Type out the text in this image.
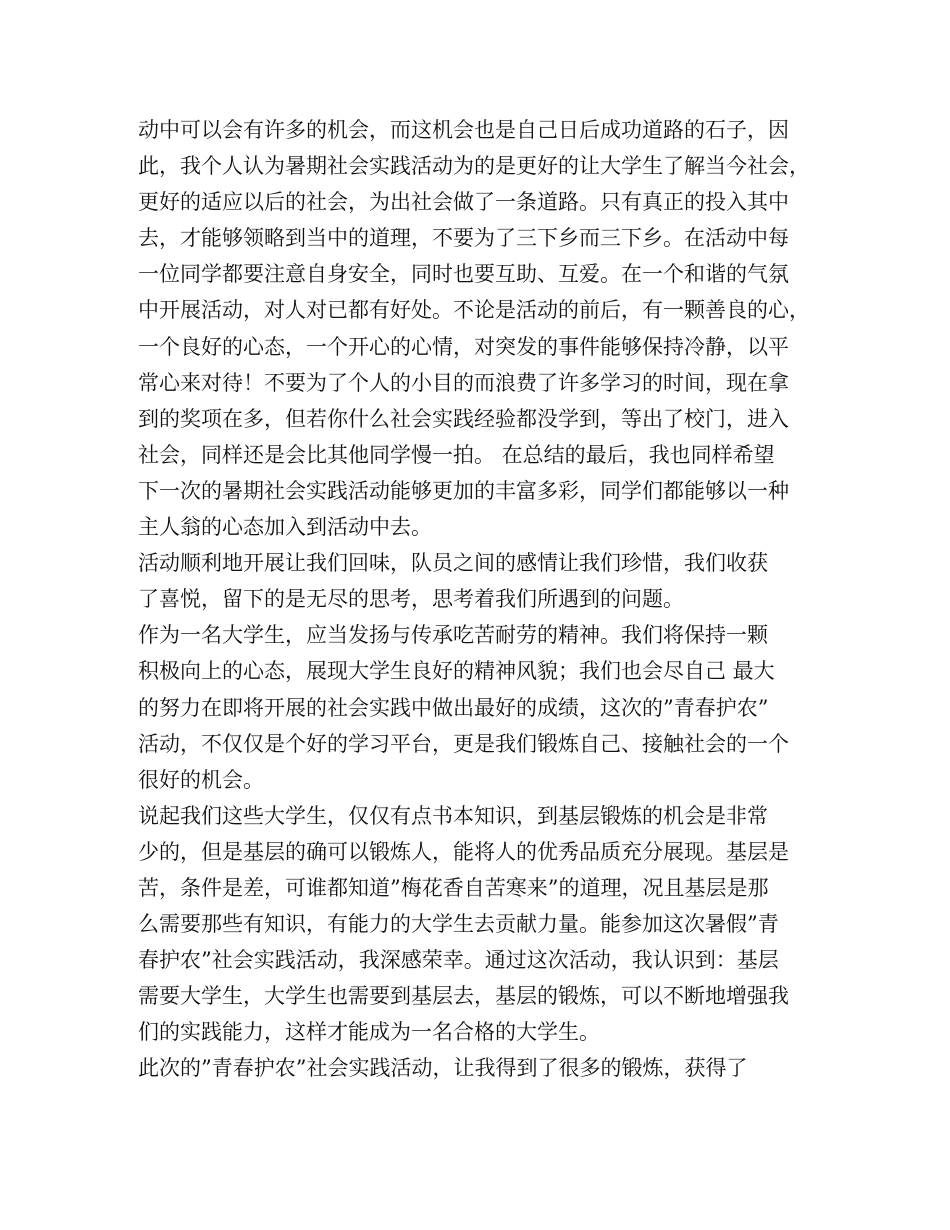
动中可以会有许多的机会，而这机会也是自己日后成功道路的石子，因
此，我个人认为暑期社会实践活动为的是更好的让大学生了解当今社会，
更好的适应以后的社会，为出社会做了一条道路。只有真正的投入其中
去，才能够领略到当中的道理，不要为了三下乡而三下乡。在活动中每
一位同学都要注意自身安全，同时也要互助、互爱。在一个和谐的气氛
中开展活动，对人对已都有好处。不论是活动的前后，有一颗善良的心，
一个良好的心态，一个开心的心情，对突发的事件能够保持冷静，以平
常心来对待！不要为了个人的小目的而浪费了许多学习的时间，现在拿
到的奖项在多，但若你什么社会实践经验都没学到，等出了校门，进入
社会，同样还是会比其他同学慢一拍。 在总结的最后，我也同样希望
下一次的暑期社会实践活动能够更加的丰富多彩，同学们都能够以一种
主人翁的心态加入到活动中去。
活动顺利地开展让我们回味，队员之间的感情让我们珍惜，我们收获
了喜悦，留下的是无尽的思考，思考着我们所遇到的问题。
作为一名大学生，应当发扬与传承吃苦耐劳的精神。我们将保持一颗
积极向上的心态，展现大学生良好的精神风貌；我们也会尽自己 最大
的努力在即将开展的社会实践中做出最好的成绩，这次的”青春护农”
活动，不仅仅是个好的学习平台，更是我们锻炼自己、接触社会的一个
很好的机会。
说起我们这些大学生，仅仅有点书本知识，到基层锻炼的机会是非常
少的，但是基层的确可以锻炼人，能将人的优秀品质充分展现。基层是
苦，条件是差，可谁都知道”梅花香自苦寒来”的道理，况且基层是那
么需要那些有知识，有能力的大学生去贡献力量。能参加这次暑假”青
春护农”社会实践活动，我深感荣幸。通过这次活动，我认识到：基层
需要大学生，大学生也需要到基层去，基层的锻炼，可以不断地增强我
们的实践能力，这样才能成为一名合格的大学生。
此次的”青春护农”社会实践活动，让我得到了很多的锻炼，获得了
